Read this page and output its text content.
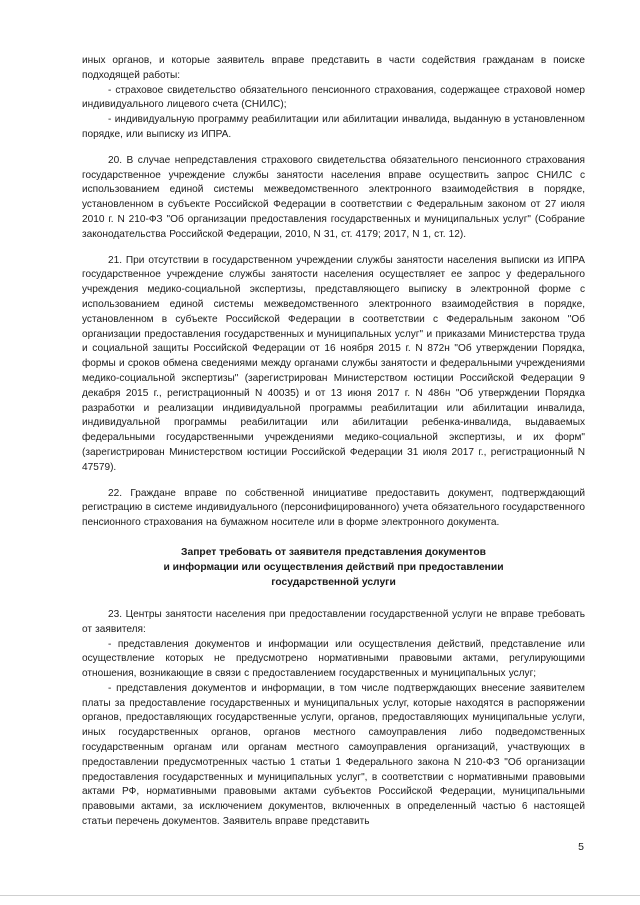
иных органов, и которые заявитель вправе представить в части содействия гражданам в поиске подходящей работы:

- страховое свидетельство обязательного пенсионного страхования, содержащее страховой номер индивидуального лицевого счета (СНИЛС);

- индивидуальную программу реабилитации или абилитации инвалида, выданную в установленном порядке, или выписку из ИПРА.

20. В случае непредставления страхового свидетельства обязательного пенсионного страхования государственное учреждение службы занятости населения вправе осуществить запрос СНИЛС с использованием единой системы межведомственного электронного взаимодействия в порядке, установленном в субъекте Российской Федерации в соответствии с Федеральным законом от 27 июля 2010 г. N 210-ФЗ "Об организации предоставления государственных и муниципальных услуг" (Собрание законодательства Российской Федерации, 2010, N 31, ст. 4179; 2017, N 1, ст. 12).

21. При отсутствии в государственном учреждении службы занятости населения выписки из ИПРА государственное учреждение службы занятости населения осуществляет ее запрос у федерального учреждения медико-социальной экспертизы, представляющего выписку в электронной форме с использованием единой системы межведомственного электронного взаимодействия в порядке, установленном в субъекте Российской Федерации в соответствии с Федеральным законом "Об организации предоставления государственных и муниципальных услуг" и приказами Министерства труда и социальной защиты Российской Федерации от 16 ноября 2015 г. N 872н "Об утверждении Порядка, формы и сроков обмена сведениями между органами службы занятости и федеральными учреждениями медико-социальной экспертизы" (зарегистрирован Министерством юстиции Российской Федерации 9 декабря 2015 г., регистрационный N 40035) и от 13 июня 2017 г. N 486н "Об утверждении Порядка разработки и реализации индивидуальной программы реабилитации или абилитации инвалида, индивидуальной программы реабилитации или абилитации ребенка-инвалида, выдаваемых федеральными государственными учреждениями медико-социальной экспертизы, и их форм" (зарегистрирован Министерством юстиции Российской Федерации 31 июля 2017 г., регистрационный N 47579).

22. Граждане вправе по собственной инициативе предоставить документ, подтверждающий регистрацию в системе индивидуального (персонифицированного) учета обязательного государственного пенсионного страхования на бумажном носителе или в форме электронного документа.

Запрет требовать от заявителя представления документов
и информации или осуществления действий при предоставлении
государственной услуги

23. Центры занятости населения при предоставлении государственной услуги не вправе требовать от заявителя:

- представления документов и информации или осуществления действий, представление или осуществление которых не предусмотрено нормативными правовыми актами, регулирующими отношения, возникающие в связи с предоставлением государственных и муниципальных услуг;

- представления документов и информации, в том числе подтверждающих внесение заявителем платы за предоставление государственных и муниципальных услуг, которые находятся в распоряжении органов, предоставляющих государственные услуги, органов, предоставляющих муниципальные услуги, иных государственных органов, органов местного самоуправления либо подведомственных государственным органам или органам местного самоуправления организаций, участвующих в предоставлении предусмотренных частью 1 статьи 1 Федерального закона N 210-ФЗ "Об организации предоставления государственных и муниципальных услуг", в соответствии с нормативными правовыми актами РФ, нормативными правовыми актами субъектов Российской Федерации, муниципальными правовыми актами, за исключением документов, включенных в определенный частью 6 настоящей статьи перечень документов. Заявитель вправе представить

5
